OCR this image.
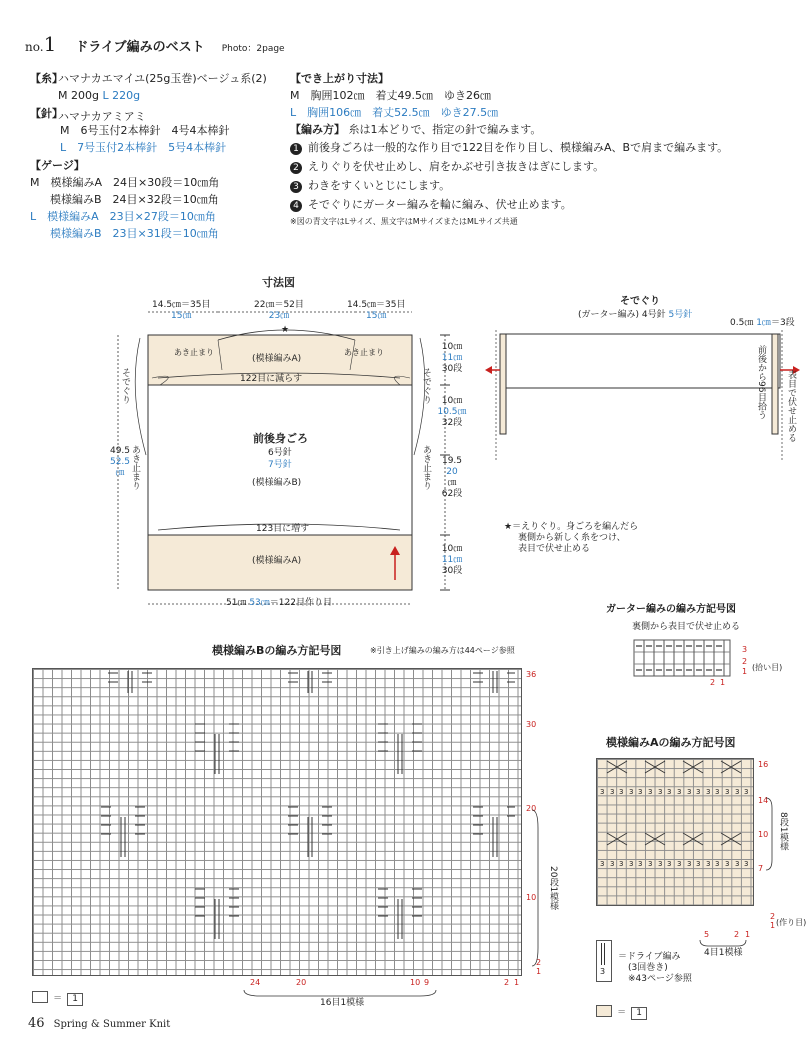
no.1 ドライブ編みのベスト Photo：2page
【糸】
ハマナカエマイユ(25g玉巻)ベージュ系(2)
M 200g L 220g
【針】
ハマナカアミアミ
M　6号玉付2本棒針　4号4本棒針
L　7号玉付2本棒針　5号4本棒針
【ゲージ】
M　模様編みA　24目×30段＝10㎝角
模様編みB　24目×32段＝10㎝角
L　模様編みA　23目×27段＝10㎝角
模様編みB　23目×31段＝10㎝角
【でき上がり寸法】
M　胸囲102㎝　着丈49.5㎝　ゆき26㎝
L　胸囲106㎝　着丈52.5㎝　ゆき27.5㎝
【編み方】 糸は1本どりで、指定の針で編みます。
1 前後身ごろは一般的な作り目で122目を作り目し、模様編みA、Bで肩まで編みます。
2 えりぐりを伏せ止めし、肩をかぶせ引き抜きはぎにします。
3 わきをすくいとじにします。
4 そでぐりにガーター編みを輪に編み、伏せ止めます。
※図の青文字はLサイズ、黒文字はMサイズまたはMLサイズ共通
寸法図
★
14.5㎝＝35目
15㎝
22㎝＝52目
23㎝
14.5㎝＝35目
15㎝
あき止まり	あき止まり
(模様編みA)
122目に減らす
前後身ごろ
6号針
7号針
(模様編みB)
123目に増す
(模様編みA)
51㎝ 53㎝＝122目作り目
49.5
52.5
㎝
そでぐり
あき止まり
そでぐり
あき止まり
10㎝
11㎝
30段
10㎝
10.5㎝
32段
19.5
20
㎝
62段
10㎝
11㎝
30段
そでぐり
(ガーター編み) 4号針 5号針
0.5㎝ 1㎝＝3段
前後から96目拾う 表目で伏せ止める
★＝えりぐり。身ごろを編んだら
裏側から新しく糸をつけ、
表目で伏せ止める
ガーター編みの編み方記号図
裏側から表目で伏せ止める
3
2
1 (拾い目)
2 1
模様編みBの編み方記号図	※引き上げ編みの編み方は44ページ参照
36
30
20
10
2
1
24	20	10 9	2 1
16目1模様
20段1模様
＝ 1
模様編みAの編み方記号図
3 3 3 3 3 3 3 3 3 3 3 3 3 3 3 3
3 3 3 3 3 3 3 3 3 3 3 3 3 3 3 3
16
14
10
7
2
1 (作り目)
8段1模様
5	2 1
4目1模様
3
＝ドライブ編み
(3回巻き)
※43ページ参照
＝ 1
46 Spring & Summer Knit
